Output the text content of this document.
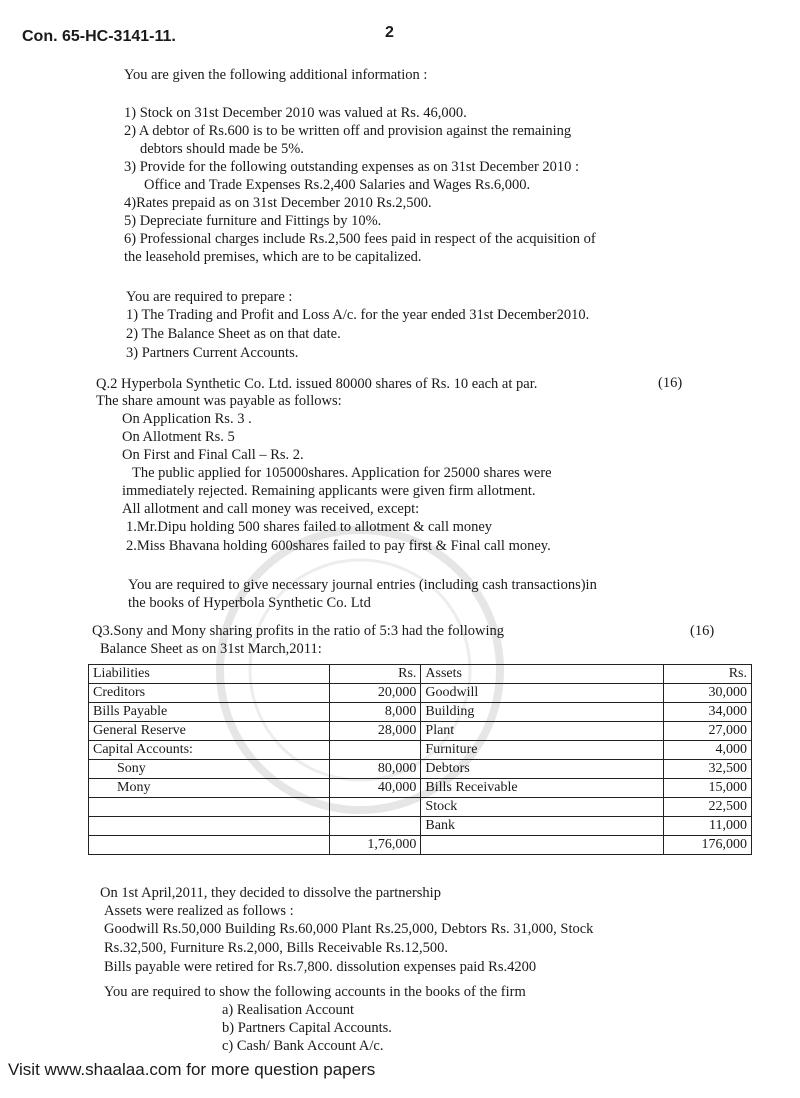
Con. 65-HC-3141-11.	2
You are given the following additional information :
1) Stock on 31st December 2010 was valued at Rs. 46,000.
2) A debtor of Rs.600 is to be written off and provision against the remaining
debtors should made be 5%.
3) Provide for the following outstanding expenses as on 31st December 2010 :
Office and Trade Expenses Rs.2,400 Salaries and Wages Rs.6,000.
4)Rates prepaid as on 31st December 2010 Rs.2,500.
5) Depreciate furniture and Fittings by 10%.
6) Professional charges include Rs.2,500 fees paid in respect of the acquisition of
the leasehold premises, which are to be capitalized.
You are required to prepare :
1) The Trading and Profit and Loss A/c. for the year ended 31st December2010.
2) The Balance Sheet as on that date.
3) Partners Current Accounts.
Q.2 Hyperbola Synthetic Co. Ltd. issued 80000 shares of Rs. 10 each at par.	(16)
The share amount was payable as follows:
On Application Rs. 3 .
On Allotment Rs. 5
On First and Final Call – Rs. 2.
The public applied for 105000shares. Application for 25000 shares were
immediately rejected. Remaining applicants were given firm allotment.
All allotment and call money was received, except:
1.Mr.Dipu holding 500 shares failed to allotment & call money
2.Miss Bhavana holding 600shares failed to pay first & Final call money.
You are required to give necessary journal entries (including cash transactions)in
the books of Hyperbola Synthetic Co. Ltd
Q3.Sony and Mony sharing profits in the ratio of 5:3 had the following	(16)
Balance Sheet as on 31st March,2011:
Liabilities	Rs.	Assets	Rs.
Creditors	20,000	Goodwill	30,000
Bills Payable	8,000	Building	34,000
General Reserve	28,000	Plant	27,000
Capital Accounts:		Furniture	4,000
Sony	80,000	Debtors	32,500
Mony	40,000	Bills Receivable	15,000
		Stock	22,500
		Bank	11,000
	1,76,000		176,000
On 1st April,2011, they decided to dissolve the partnership
Assets were realized as follows :
Goodwill Rs.50,000 Building Rs.60,000 Plant Rs.25,000, Debtors Rs. 31,000, Stock
Rs.32,500, Furniture Rs.2,000, Bills Receivable Rs.12,500.
Bills payable were retired for Rs.7,800. dissolution expenses paid Rs.4200
You are required to show the following accounts in the books of the firm
a) Realisation Account
b) Partners Capital Accounts.
c) Cash/ Bank Account A/c.
Visit www.shaalaa.com for more question papers
